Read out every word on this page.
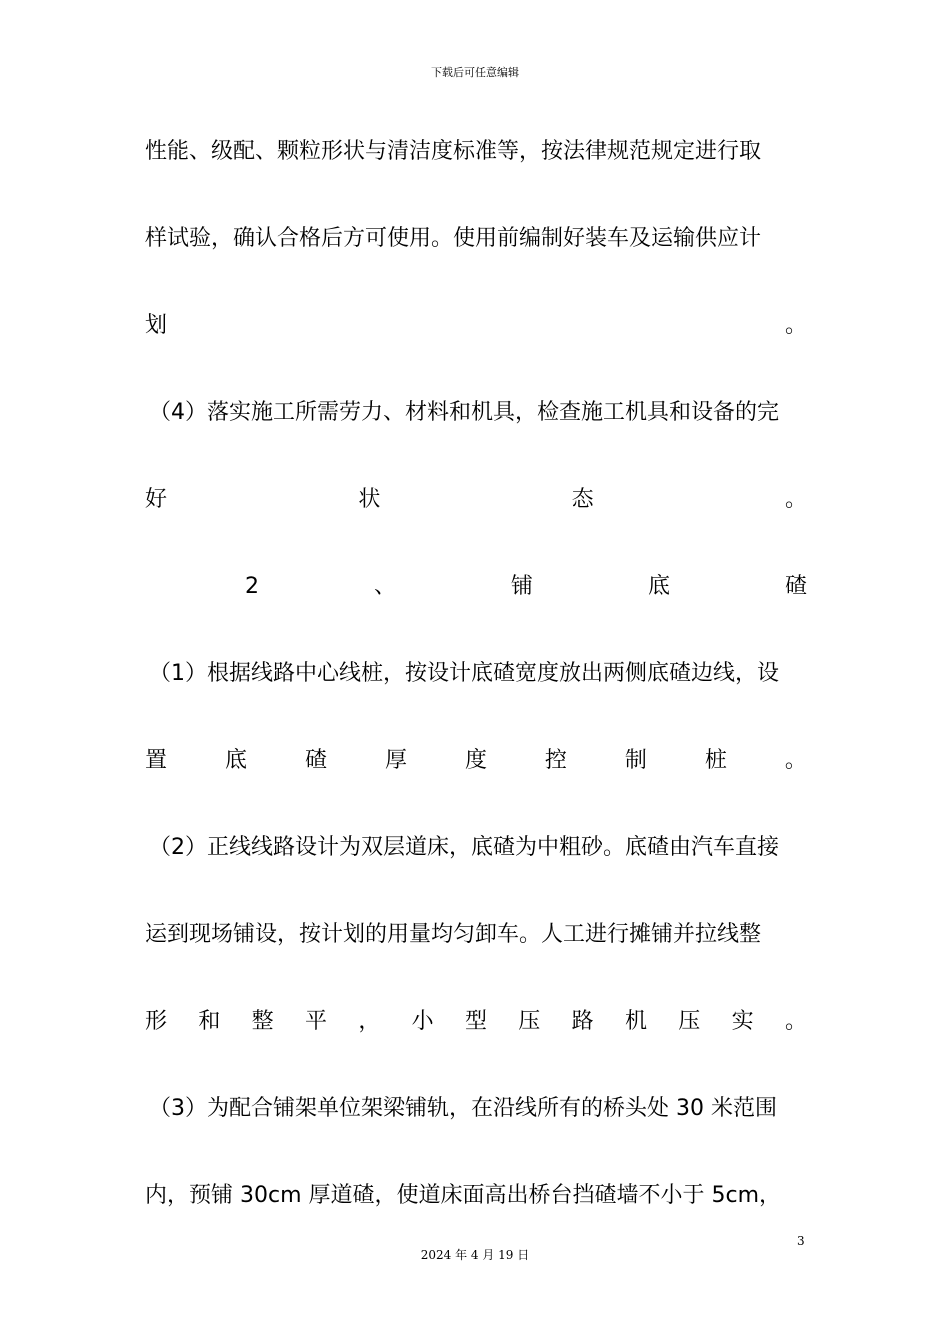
下载后可任意编辑
性能、级配、颗粒形状与清洁度标准等，按法律规范规定进行取
样试验，确认合格后方可使用。使用前编制好装车及运输供应计
划	。
（4）落实施工所需劳力、材料和机具，检查施工机具和设备的完
好	状	态	。
2	、	铺	底	碴
（1）根据线路中心线桩，按设计底碴宽度放出两侧底碴边线，设
置	底	碴	厚	度	控	制	桩	。
（2）正线线路设计为双层道床，底碴为中粗砂。底碴由汽车直接
运到现场铺设，按计划的用量均匀卸车。人工进行摊铺并拉线整
形 和 整 平 ， 小 型 压 路 机 压 实 。
（3）为配合铺架单位架梁铺轨，在沿线所有的桥头处 30 米范围
内，预铺 30cm 厚道碴，使道床面高出桥台挡碴墙不小于 5cm，
3
2024 年 4 月 19 日
